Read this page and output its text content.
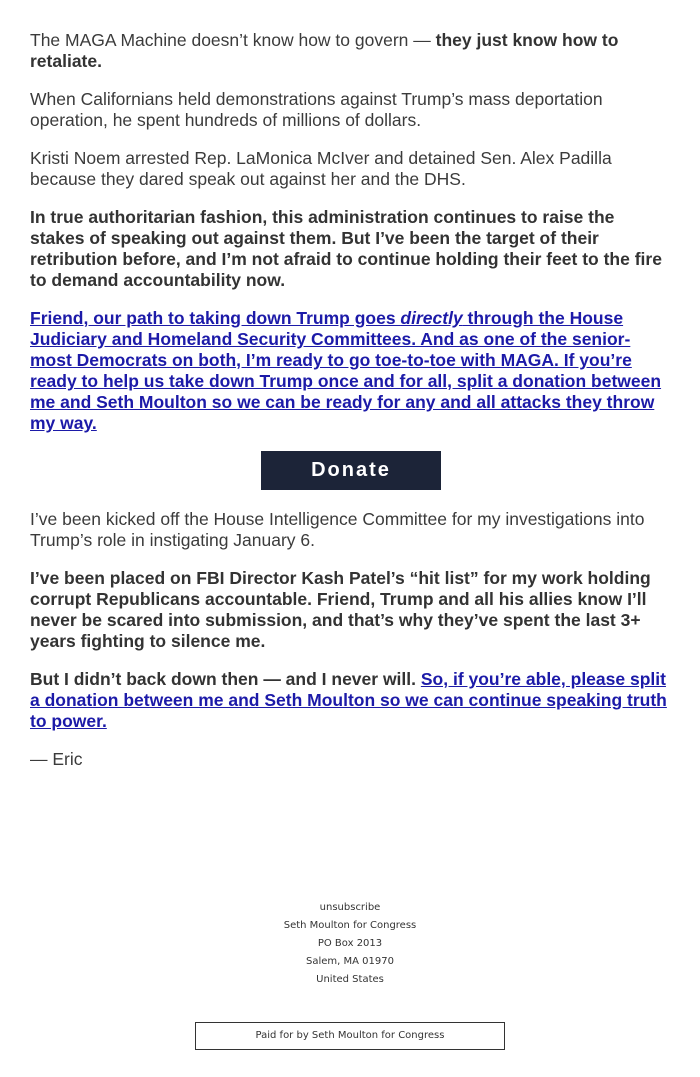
The MAGA Machine doesn’t know how to govern — they just know how to retaliate.

When Californians held demonstrations against Trump’s mass deportation operation, he spent hundreds of millions of dollars.

Kristi Noem arrested Rep. LaMonica McIver and detained Sen. Alex Padilla because they dared speak out against her and the DHS.

In true authoritarian fashion, this administration continues to raise the stakes of speaking out against them. But I’ve been the target of their retribution before, and I’m not afraid to continue holding their feet to the fire to demand accountability now.

Friend, our path to taking down Trump goes directly through the House Judiciary and Homeland Security Committees. And as one of the senior-most Democrats on both, I’m ready to go toe-to-toe with MAGA. If you’re ready to help us take down Trump once and for all, split a donation between me and Seth Moulton so we can be ready for any and all attacks they throw my way.

Donate

I’ve been kicked off the House Intelligence Committee for my investigations into Trump’s role in instigating January 6.

I’ve been placed on FBI Director Kash Patel’s “hit list” for my work holding corrupt Republicans accountable. Friend, Trump and all his allies know I’ll never be scared into submission, and that’s why they’ve spent the last 3+ years fighting to silence me.

But I didn’t back down then — and I never will. So, if you’re able, please split a donation between me and Seth Moulton so we can continue speaking truth to power.

— Eric

unsubscribe
Seth Moulton for Congress
PO Box 2013
Salem, MA 01970
United States
Paid for by Seth Moulton for Congress
